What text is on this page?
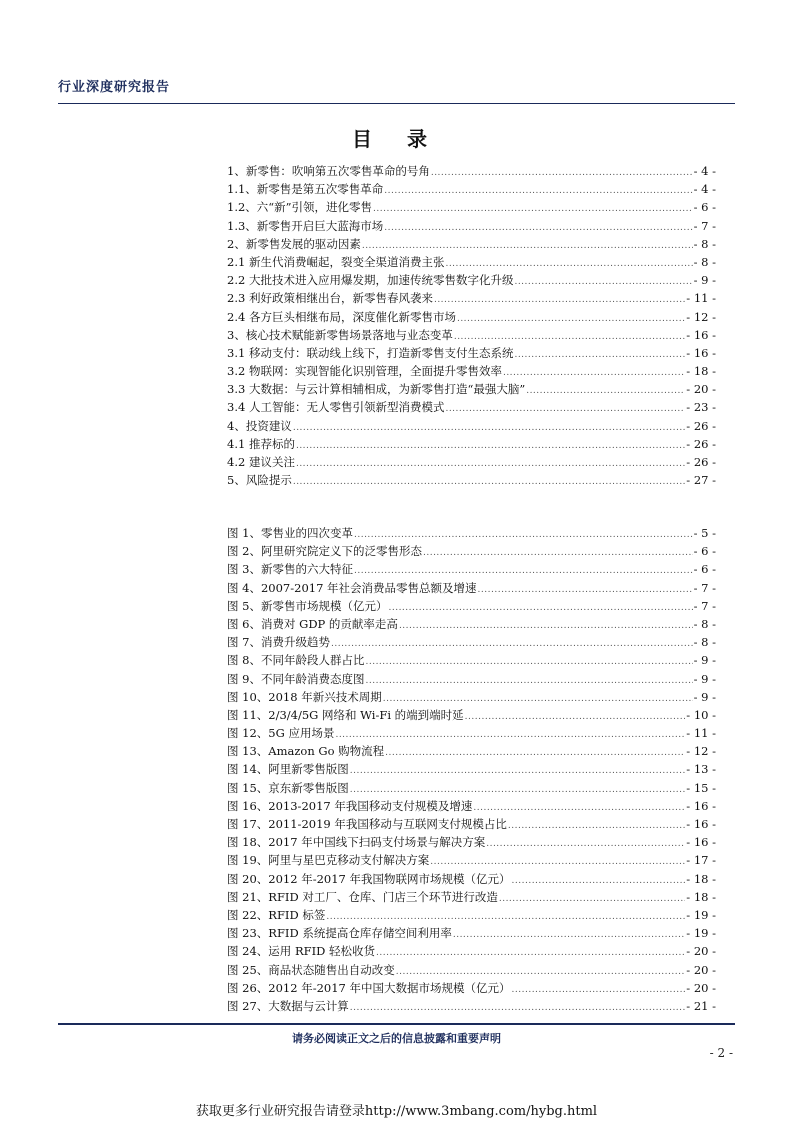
行业深度研究报告
目 录
1、新零售：吹响第五次零售革命的号角 .....	- 4 -
1.1、新零售是第五次零售革命 .....	- 4 -
1.2、六“新”引领，进化零售 .....	- 6 -
1.3、新零售开启巨大蓝海市场 .....	- 7 -
2、新零售发展的驱动因素 .....	- 8 -
2.1 新生代消费崛起，裂变全渠道消费主张 .....	- 8 -
2.2 大批技术进入应用爆发期，加速传统零售数字化升级 .....	- 9 -
2.3 利好政策相继出台，新零售春风袭来 .....	- 11 -
2.4 各方巨头相继布局，深度催化新零售市场 .....	- 12 -
3、核心技术赋能新零售场景落地与业态变革 .....	- 16 -
3.1 移动支付：联动线上线下，打造新零售支付生态系统 .....	- 16 -
3.2 物联网：实现智能化识别管理，全面提升零售效率 .....	- 18 -
3.3 大数据：与云计算相辅相成，为新零售打造“最强大脑” .....	- 20 -
3.4 人工智能：无人零售引领新型消费模式 .....	- 23 -
4、投资建议 .....	- 26 -
4.1 推荐标的 .....	- 26 -
4.2 建议关注 .....	- 26 -
5、风险提示 .....	- 27 -
图 1、零售业的四次变革 .....	- 5 -
图 2、阿里研究院定义下的泛零售形态 .....	- 6 -
图 3、新零售的六大特征 .....	- 6 -
图 4、2007-2017 年社会消费品零售总额及增速 .....	- 7 -
图 5、新零售市场规模（亿元） .....	- 7 -
图 6、消费对 GDP 的贡献率走高 .....	- 8 -
图 7、消费升级趋势 .....	- 8 -
图 8、不同年龄段人群占比 .....	- 9 -
图 9、不同年龄消费态度图 .....	- 9 -
图 10、2018 年新兴技术周期 .....	- 9 -
图 11、2/3/4/5G 网络和 Wi-Fi 的端到端时延 .....	- 10 -
图 12、5G 应用场景 .....	- 11 -
图 13、Amazon Go 购物流程 .....	- 12 -
图 14、阿里新零售版图 .....	- 13 -
图 15、京东新零售版图 .....	- 15 -
图 16、2013-2017 年我国移动支付规模及增速 .....	- 16 -
图 17、2011-2019 年我国移动与互联网支付规模占比 .....	- 16 -
图 18、2017 年中国线下扫码支付场景与解决方案 .....	- 16 -
图 19、阿里与星巴克移动支付解决方案 .....	- 17 -
图 20、2012 年-2017 年我国物联网市场规模（亿元） .....	- 18 -
图 21、RFID 对工厂、仓库、门店三个环节进行改造 .....	- 18 -
图 22、RFID 标签 .....	- 19 -
图 23、RFID 系统提高仓库存储空间利用率 .....	- 19 -
图 24、运用 RFID 轻松收货 .....	- 20 -
图 25、商品状态随售出自动改变 .....	- 20 -
图 26、2012 年-2017 年中国大数据市场规模（亿元） .....	- 20 -
图 27、大数据与云计算 .....	- 21 -
请务必阅读正文之后的信息披露和重要声明
- 2 -
获取更多行业研究报告请登录http://www.3mbang.com/hybg.html
